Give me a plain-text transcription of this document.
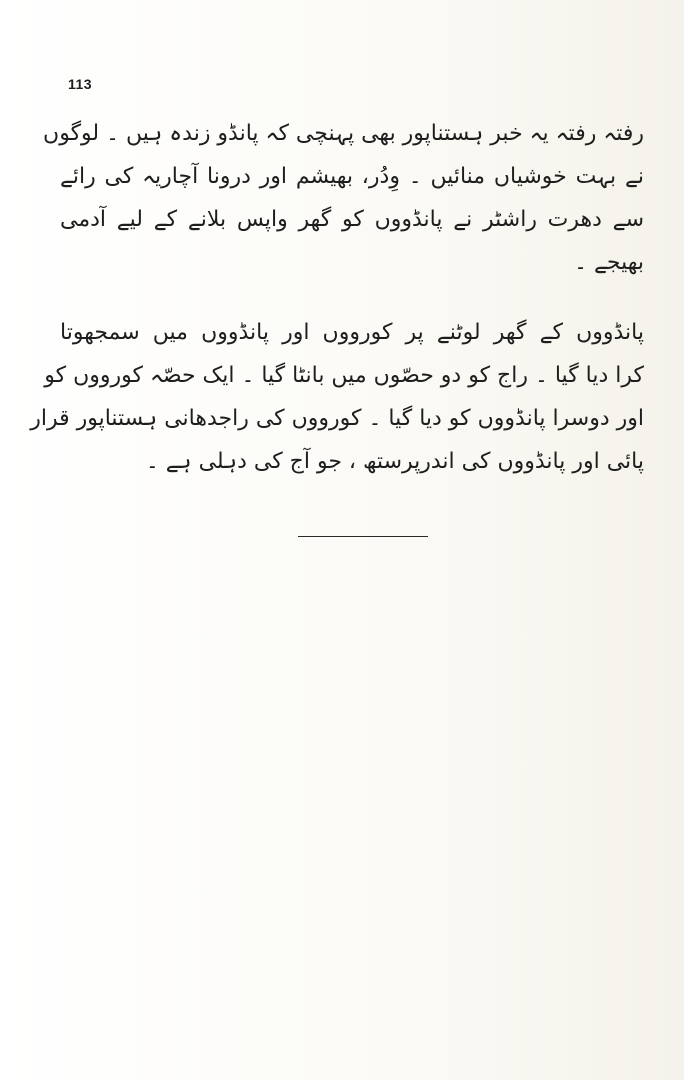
113
رفتہ رفتہ یہ خبر ہستناپور بھی پہنچی کہ پانڈو زندہ ہیں ۔ لوگوں
نے بہت خوشیاں منائیں ۔ وِدُر، بھیشم اور درونا آچاریہ کی رائے
سے دھرت راشٹر نے پانڈووں کو گھر واپس بلانے کے لیے آدمی
بھیجے ۔
پانڈووں کے گھر لوٹنے پر کورووں اور پانڈووں میں سمجھوتا
کرا دیا گیا ۔ راج کو دو حصّوں میں بانٹا گیا ۔ ایک حصّہ کورووں کو
اور دوسرا پانڈووں کو دیا گیا ۔ کورووں کی راجدھانی ہستناپور قرار
پائی اور پانڈووں کی اندرپرستھ ، جو آج کی دہلی ہے ۔
